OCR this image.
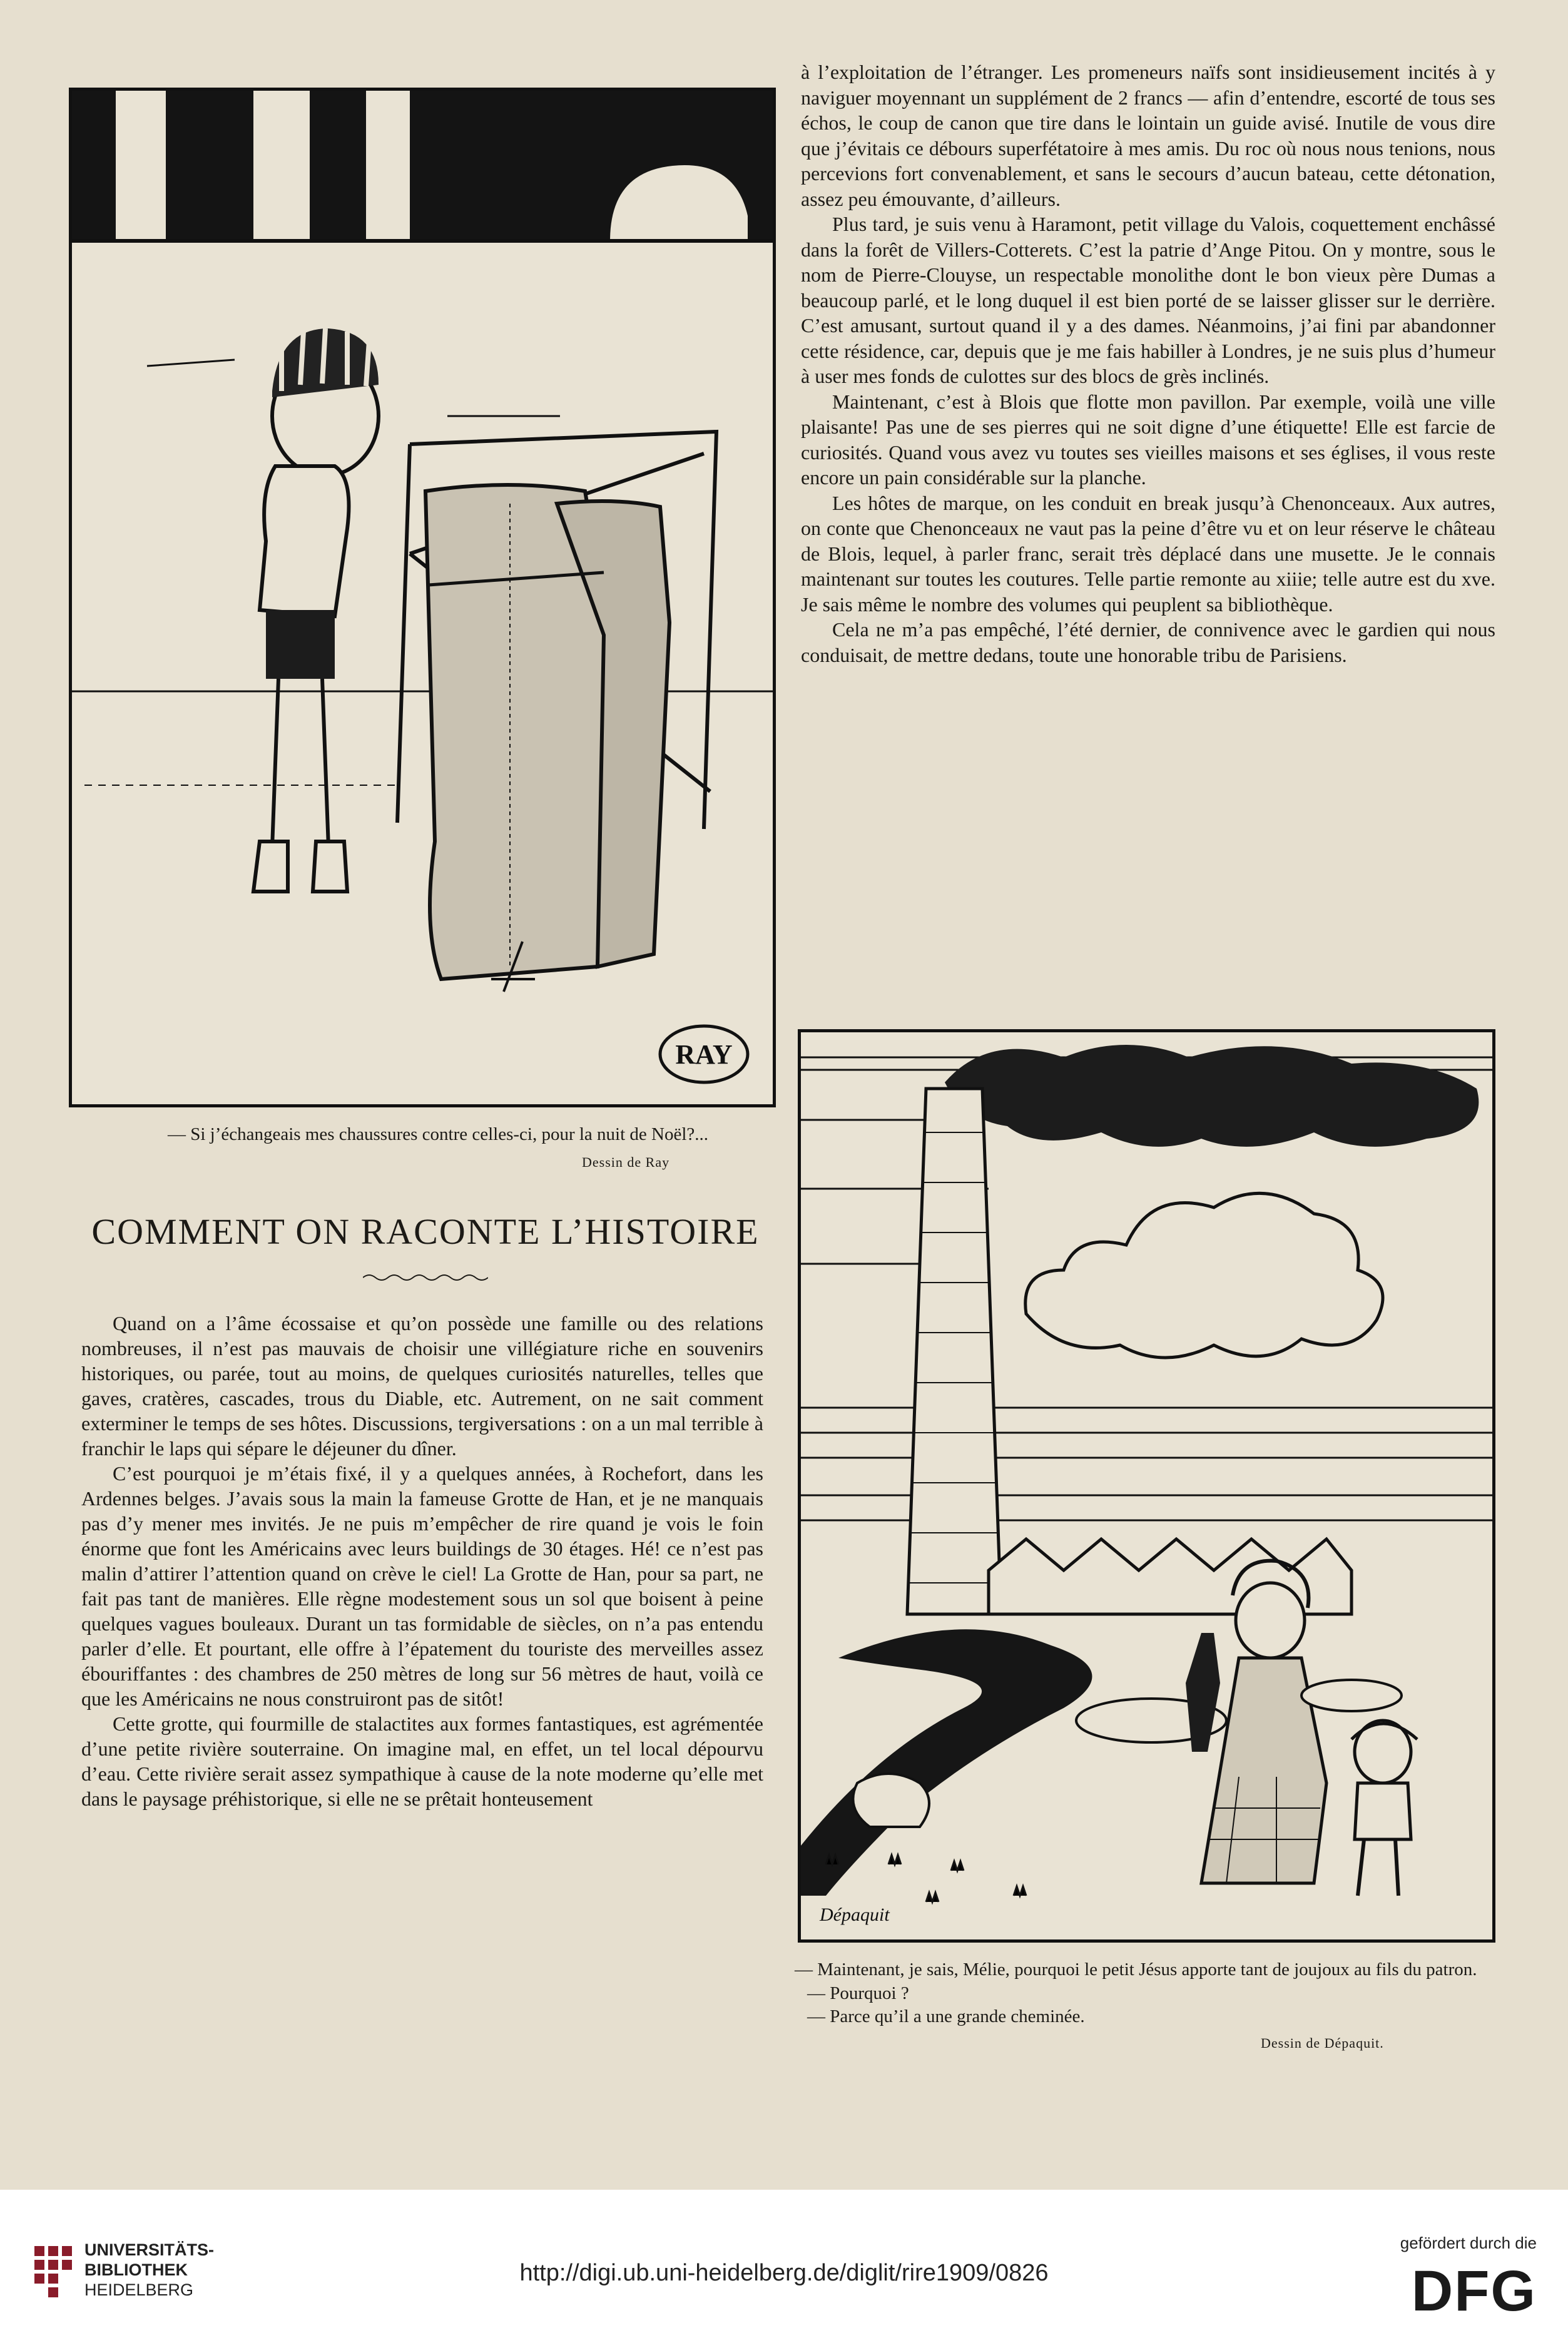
RAY
— Si j’échangeais mes chaussures contre celles-ci, pour la nuit de Noël?...
Dessin de Ray
COMMENT ON RACONTE L’HISTOIRE

Quand on a l’âme écossaise et qu’on possède une famille ou des relations nombreuses, il n’est pas mauvais de choisir une villégiature riche en souvenirs historiques, ou parée, tout au moins, de quelques curiosités naturelles, telles que gaves, cratères, cascades, trous du Diable, etc. Autrement, on ne sait comment exterminer le temps de ses hôtes. Discussions, tergiversations : on a un mal terrible à franchir le laps qui sépare le déjeuner du dîner.

C’est pourquoi je m’étais fixé, il y a quelques années, à Rochefort, dans les Ardennes belges. J’avais sous la main la fameuse Grotte de Han, et je ne manquais pas d’y mener mes invités. Je ne puis m’empêcher de rire quand je vois le foin énorme que font les Américains avec leurs buildings de 30 étages. Hé! ce n’est pas malin d’attirer l’attention quand on crève le ciel! La Grotte de Han, pour sa part, ne fait pas tant de manières. Elle règne modestement sous un sol que boisent à peine quelques vagues bouleaux. Durant un tas formidable de siècles, on n’a pas entendu parler d’elle. Et pourtant, elle offre à l’épatement du touriste des merveilles assez ébouriffantes : des chambres de 250 mètres de long sur 56 mètres de haut, voilà ce que les Américains ne nous construiront pas de sitôt!

Cette grotte, qui fourmille de stalactites aux formes fantastiques, est agrémentée d’une petite rivière souterraine. On imagine mal, en effet, un tel local dépourvu d’eau. Cette rivière serait assez sympathique à cause de la note moderne qu’elle met dans le paysage préhistorique, si elle ne se prêtait honteusement

à l’exploitation de l’étranger. Les promeneurs naïfs sont insidieusement incités à y naviguer moyennant un supplément de 2 francs — afin d’entendre, escorté de tous ses échos, le coup de canon que tire dans le lointain un guide avisé. Inutile de vous dire que j’évitais ce débours superfétatoire à mes amis. Du roc où nous nous tenions, nous percevions fort convenablement, et sans le secours d’aucun bateau, cette détonation, assez peu émouvante, d’ailleurs.

Plus tard, je suis venu à Haramont, petit village du Valois, coquettement enchâssé dans la forêt de Villers-Cotterets. C’est la patrie d’Ange Pitou. On y montre, sous le nom de Pierre-Clouyse, un respectable monolithe dont le bon vieux père Dumas a beaucoup parlé, et le long duquel il est bien porté de se laisser glisser sur le derrière. C’est amusant, surtout quand il y a des dames. Néanmoins, j’ai fini par abandonner cette résidence, car, depuis que je me fais habiller à Londres, je ne suis plus d’humeur à user mes fonds de culottes sur des blocs de grès inclinés.

Maintenant, c’est à Blois que flotte mon pavillon. Par exemple, voilà une ville plaisante! Pas une de ses pierres qui ne soit digne d’une étiquette! Elle est farcie de curiosités. Quand vous avez vu toutes ses vieilles maisons et ses églises, il vous reste encore un pain considérable sur la planche.

Les hôtes de marque, on les conduit en break jusqu’à Chenonceaux. Aux autres, on conte que Chenonceaux ne vaut pas la peine d’être vu et on leur réserve le château de Blois, lequel, à parler franc, serait très déplacé dans une musette. Je le connais maintenant sur toutes les coutures. Telle partie remonte au xiiie; telle autre est du xve. Je sais même le nombre des volumes qui peuplent sa bibliothèque.

Cela ne m’a pas empêché, l’été dernier, de connivence avec le gardien qui nous conduisait, de mettre dedans, toute une honorable tribu de Parisiens.

Dépaquit
— Maintenant, je sais, Mélie, pourquoi le petit Jésus apporte tant de joujoux au fils du patron.
— Pourquoi ?
— Parce qu’il a une grande cheminée.
Dessin de Dépaquit.
UNIVERSITÄTS-
BIBLIOTHEK
HEIDELBERG
http://digi.ub.uni-heidelberg.de/diglit/rire1909/0826
gefördert durch die
DFG
